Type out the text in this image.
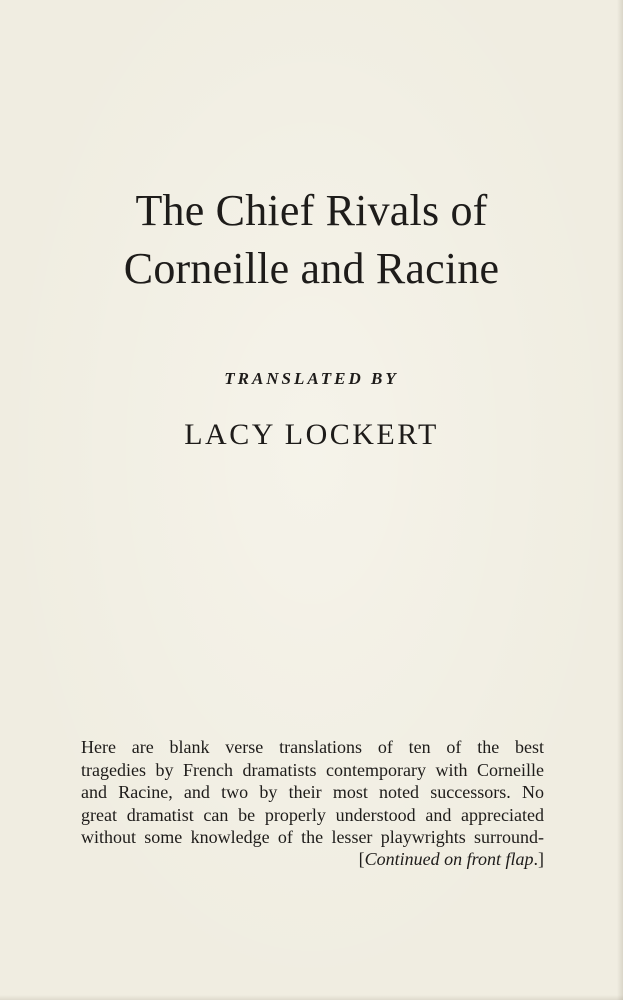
The Chief Rivals of
Corneille and Racine
TRANSLATED BY
LACY LOCKERT
Here are blank verse translations of ten of the best
tragedies by French dramatists contemporary with Corneille
and Racine, and two by their most noted successors. No
great dramatist can be properly understood and appreciated
without some knowledge of the lesser playwrights surround-
[Continued on front flap.]
